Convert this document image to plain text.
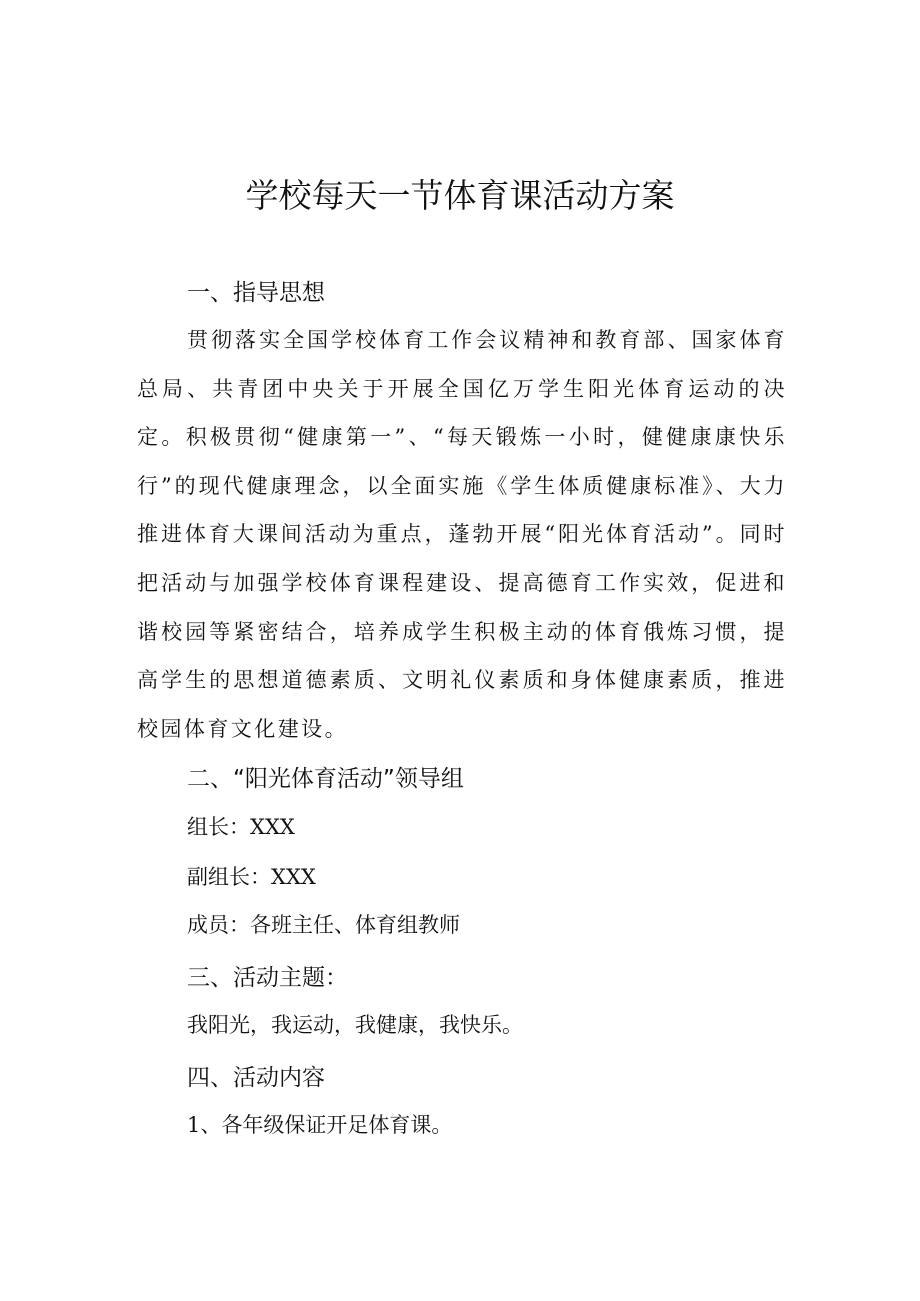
学校每天一节体育课活动方案
一、指导思想
贯彻落实全国学校体育工作会议精神和教育部、国家体育总局、共青团中央关于开展全国亿万学生阳光体育运动的决定。积极贯彻“健康第一”、“每天锻炼一小时，健健康康快乐行”的现代健康理念，以全面实施《学生体质健康标准》、大力推进体育大课间活动为重点，蓬勃开展“阳光体育活动”。同时把活动与加强学校体育课程建设、提高德育工作实效，促进和谐校园等紧密结合，培养成学生积极主动的体育俄炼习惯，提高学生的思想道德素质、文明礼仪素质和身体健康素质，推进校园体育文化建设。
二、“阳光体育活动”领导组
组长：XXX
副组长：XXX
成员：各班主任、体育组教师
三、活动主题：
我阳光，我运动，我健康，我快乐。
四、活动内容
1、各年级保证开足体育课。
